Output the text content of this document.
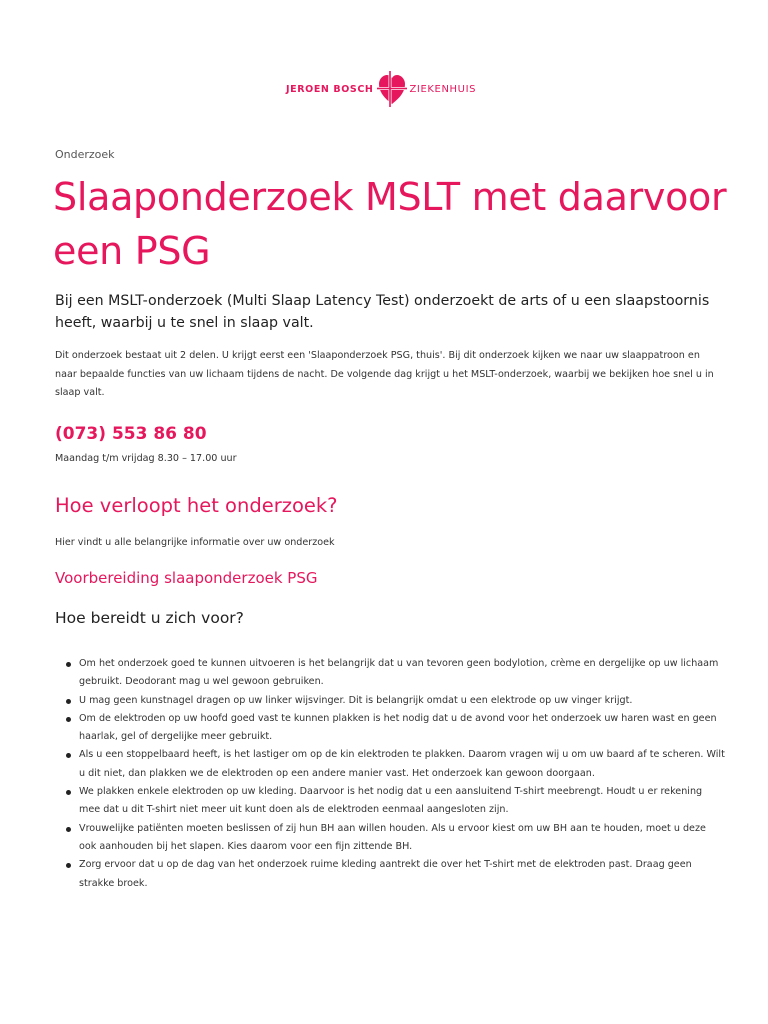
JEROEN BOSCH	ZIEKENHUIS
Onderzoek
Slaaponderzoek MSLT met daarvoor een PSG

Bij een MSLT-onderzoek (Multi Slaap Latency Test) onderzoekt de arts of u een slaapstoornis heeft, waarbij u te snel in slaap valt.

Dit onderzoek bestaat uit 2 delen. U krijgt eerst een 'Slaaponderzoek PSG, thuis'. Bij dit onderzoek kijken we naar uw slaappatroon en naar bepaalde functies van uw lichaam tijdens de nacht. De volgende dag krijgt u het MSLT-onderzoek, waarbij we bekijken hoe snel u in slaap valt.

(073) 553 86 80

Maandag t/m vrijdag 8.30 – 17.00 uur

Hoe verloopt het onderzoek?

Hier vindt u alle belangrijke informatie over uw onderzoek

Voorbereiding slaaponderzoek PSG
Hoe bereidt u zich voor?
Om het onderzoek goed te kunnen uitvoeren is het belangrijk dat u van tevoren geen bodylotion, crème en dergelijke op uw lichaam gebruikt. Deodorant mag u wel gewoon gebruiken.
U mag geen kunstnagel dragen op uw linker wijsvinger. Dit is belangrijk omdat u een elektrode op uw vinger krijgt.
Om de elektroden op uw hoofd goed vast te kunnen plakken is het nodig dat u de avond voor het onderzoek uw haren wast en geen haarlak, gel of dergelijke meer gebruikt.
Als u een stoppelbaard heeft, is het lastiger om op de kin elektroden te plakken. Daarom vragen wij u om uw baard af te scheren. Wilt u dit niet, dan plakken we de elektroden op een andere manier vast. Het onderzoek kan gewoon doorgaan.
We plakken enkele elektroden op uw kleding. Daarvoor is het nodig dat u een aansluitend T-shirt meebrengt. Houdt u er rekening mee dat u dit T-shirt niet meer uit kunt doen als de elektroden eenmaal aangesloten zijn.
Vrouwelijke patiënten moeten beslissen of zij hun BH aan willen houden. Als u ervoor kiest om uw BH aan te houden, moet u deze ook aanhouden bij het slapen. Kies daarom voor een fijn zittende BH.
Zorg ervoor dat u op de dag van het onderzoek ruime kleding aantrekt die over het T-shirt met de elektroden past. Draag geen strakke broek.
